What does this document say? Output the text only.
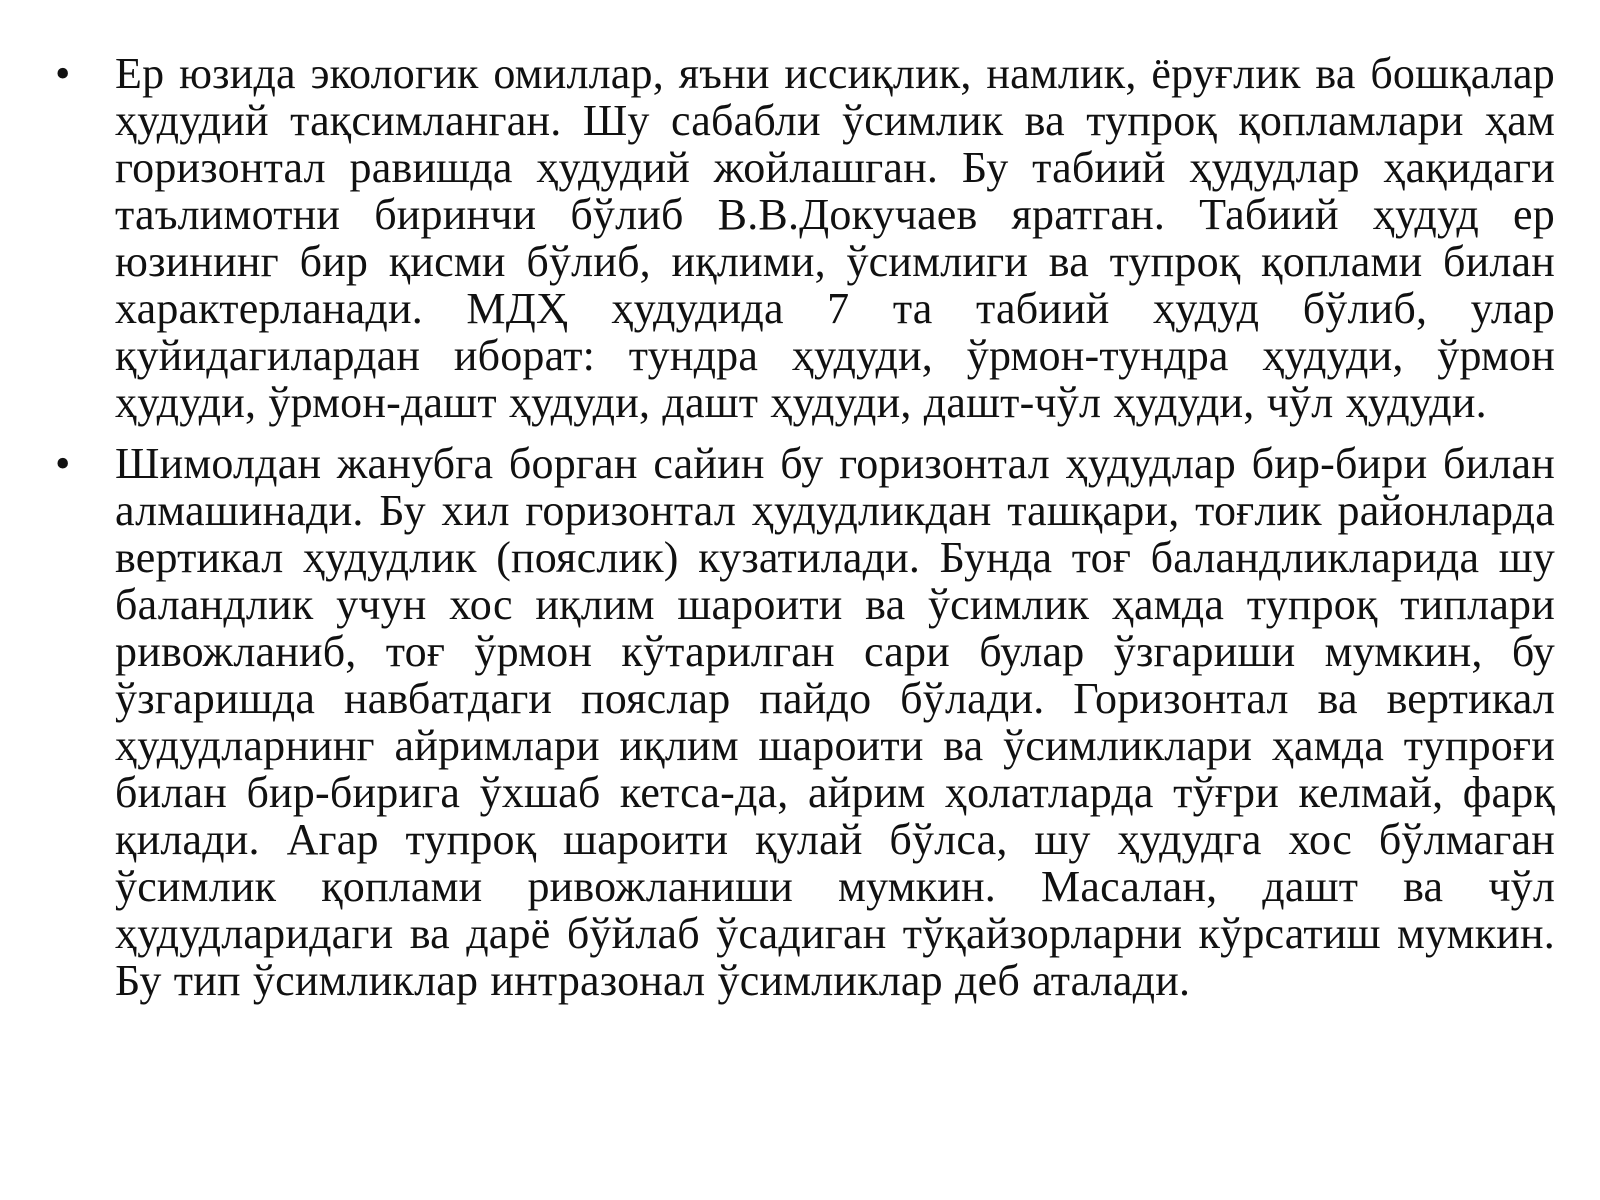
•	Ер юзида экологик омиллар, яъни иссиқлик, намлик, ёруғлик ва бошқалар ҳудудий тақсимланган. Шу сабабли ўсимлик ва тупроқ қопламлари ҳам горизонтал равишда ҳудудий жойлашган. Бу табиий ҳудудлар ҳақидаги таълимотни биринчи бўлиб В.В.Докучаев яратган. Табиий ҳудуд ер юзининг бир қисми бўлиб, иқлими, ўсимлиги ва тупроқ қоплами билан характерланади. МДҲ ҳудудида 7 та табиий ҳудуд бўлиб, улар қуйидагилардан иборат: тундра ҳудуди, ўрмон-тундра ҳудуди, ўрмон ҳудуди, ўрмон-дашт ҳудуди, дашт ҳудуди, дашт-чўл ҳудуди, чўл ҳудуди.
•	Шимолдан жанубга борган сайин бу горизонтал ҳудудлар бир-бири билан алмашинади. Бу хил горизонтал ҳудудликдан ташқари, тоғлик районларда вертикал ҳудудлик (пояслик) кузатилади. Бунда тоғ баландликларида шу баландлик учун хос иқлим шароити ва ўсимлик ҳамда тупроқ типлари ривожланиб, тоғ ўрмон кўтарилган сари булар ўзгариши мумкин, бу ўзгаришда навбатдаги пояслар пайдо бўлади. Горизонтал ва вертикал ҳудудларнинг айримлари иқлим шароити ва ўсимликлари ҳамда тупроғи билан бир-бирига ўхшаб кетса-да, айрим ҳолатларда тўғри келмай, фарқ қилади. Агар тупроқ шароити қулай бўлса, шу ҳудудга хос бўлмаган ўсимлик қоплами ривожланиши мумкин. Масалан, дашт ва чўл ҳудудларидаги ва дарё бўйлаб ўсадиган тўқайзорларни кўрсатиш мумкин. Бу тип ўсимликлар интразонал ўсимликлар деб аталади.
